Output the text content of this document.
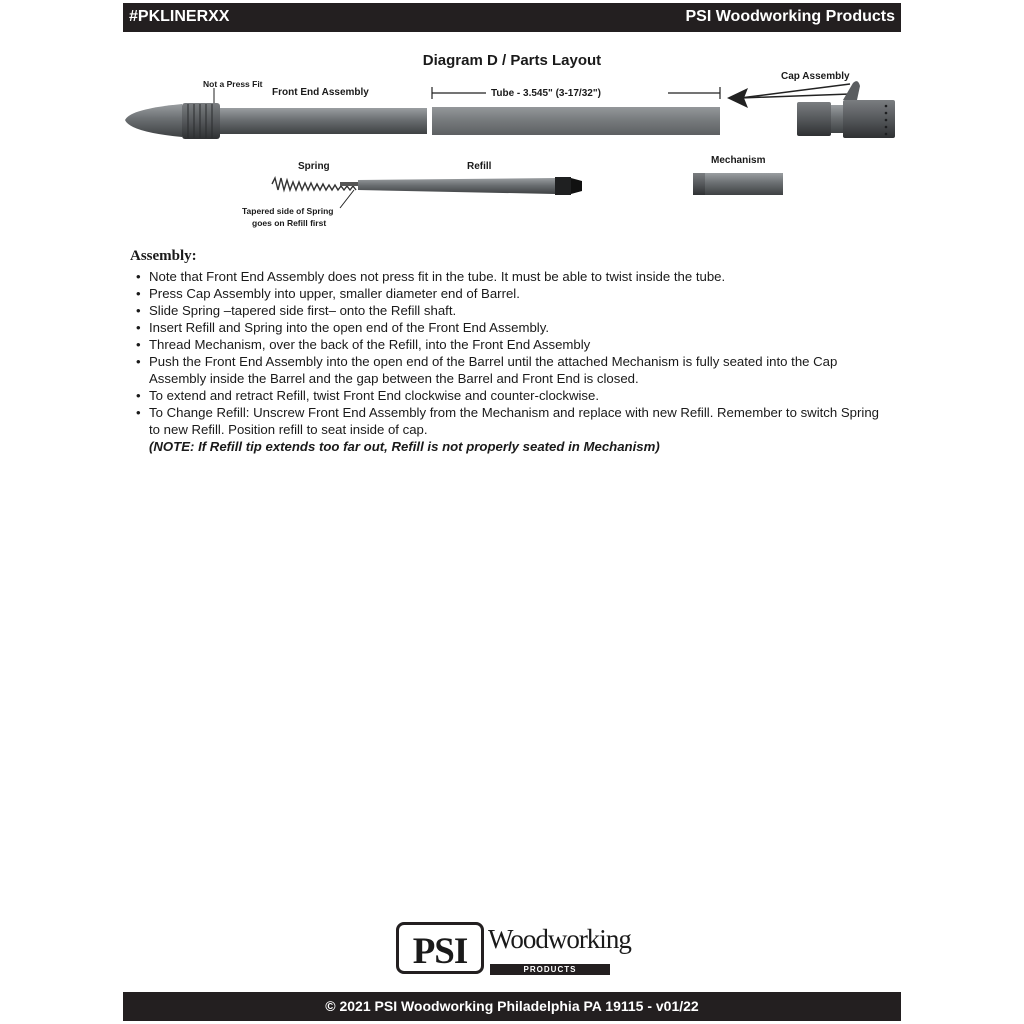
#PKLINERXX	PSI Woodworking Products
Diagram D / Parts Layout
Not a Press Fit
Front End Assembly	Tube - 3.545" (3-17/32")
Cap Assembly
Spring	Refill
Mechanism
Tapered side of Spring
goes on Refill first
Assembly:
• Note that Front End Assembly does not press fit in the tube. It must be able to twist inside the tube.
• Press Cap Assembly into upper, smaller diameter end of Barrel.
• Slide Spring –tapered side first– onto the Refill shaft.
• Insert Refill and Spring into the open end of the Front End Assembly.
• Thread Mechanism, over the back of the Refill, into the Front End Assembly
• Push the Front End Assembly into the open end of the Barrel until the attached Mechanism is fully seated into the Cap Assembly inside the Barrel and the gap between the Barrel and Front End is closed.
• To extend and retract Refill, twist Front End clockwise and counter-clockwise.
• To Change Refill: Unscrew Front End Assembly from the Mechanism and replace with new Refill. Remember to switch Spring to new Refill. Position refill to seat inside of cap.
(NOTE: If Refill tip extends too far out, Refill is not properly seated in Mechanism)
PSI Woodworking
PRODUCTS
© 2021 PSI Woodworking Philadelphia PA 19115 - v01/22
